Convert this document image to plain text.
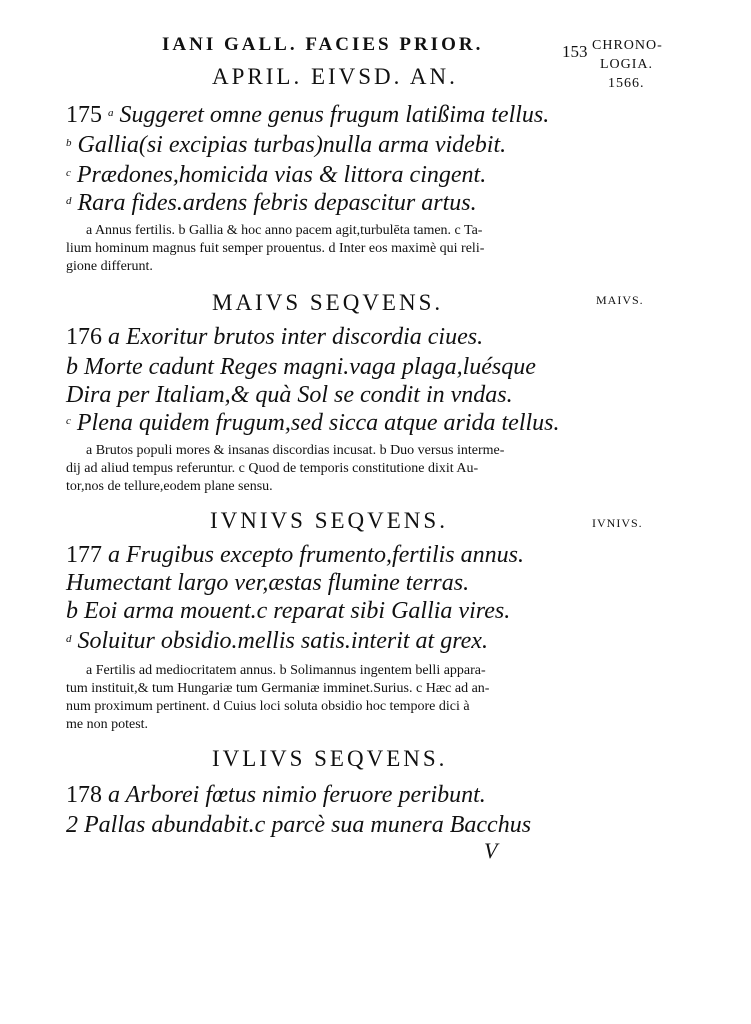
IANI GALL. FACIES PRIOR.	153 CHRONO-
LOGIA.
1566.
APRIL. EIVSD. AN.
175 $^a$ Suggeret omne genus frugum latißima tellus.
$^b$ Gallia(si excipias turbas)nulla arma videbit.
$^c$ Prædones,homicida vias & littora cingent.
$^d$ Rara fides.ardens febris depascitur artus.
a Annus fertilis. b Gallia & hoc anno pacem agit,turbulēta tamen. c Ta-
lium hominum magnus fuit semper prouentus. d Inter eos maximè qui reli-
gione differunt.
MAIVS SEQVENS.	MAIVS.
176 a Exoritur brutos inter discordia ciues.
b Morte cadunt Reges magni.vaga plaga,luésque
Dira per Italiam,& quà Sol se condit in vndas.
$^c$ Plena quidem frugum,sed sicca atque arida tellus.
a Brutos populi mores & insanas discordias incusat. b Duo versus interme-
dij ad aliud tempus referuntur. c Quod de temporis constitutione dixit Au-
tor,nos de tellure,eodem plane sensu.
IVNIVS SEQVENS.	IVNIVS.
177 a Frugibus excepto frumento,fertilis annus.
Humectant largo ver,æstas flumine terras.
b Eoi arma mouent.c reparat sibi Gallia vires.
$^d$ Soluitur obsidio.mellis satis.interit at grex.
a Fertilis ad mediocritatem annus. b Solimannus ingentem belli appara-
tum instituit,& tum Hungariæ tum Germaniæ imminet.Surius. c Hæc ad an-
num proximum pertinent. d Cuius loci soluta obsidio hoc tempore dici à
me non potest.
IVLIVS SEQVENS.
178 a Arborei fœtus nimio feruore peribunt.
2 Pallas abundabit.c parcè sua munera Bacchus
V
